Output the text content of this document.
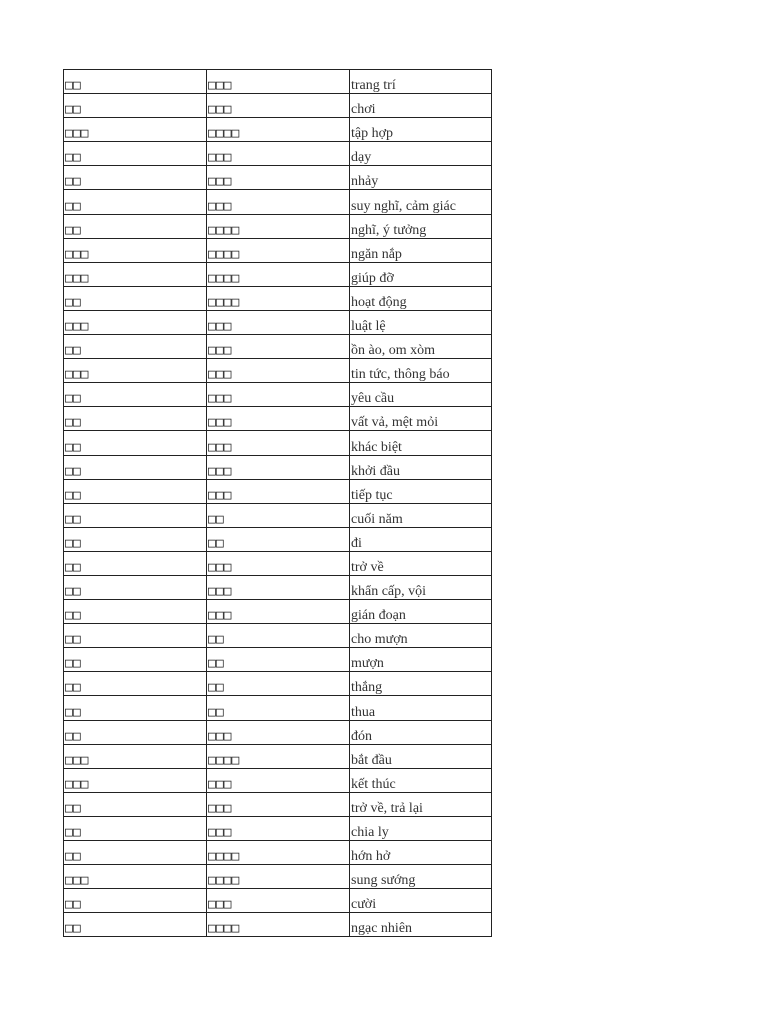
□□	□□□	trang trí
□□	□□□	chơi
□□□	□□□□	tập hợp
□□	□□□	dạy
□□	□□□	nhảy
□□	□□□	suy nghĩ, cảm giác
□□	□□□□	nghĩ, ý tưởng
□□□	□□□□	ngăn nắp
□□□	□□□□	giúp đỡ
□□	□□□□	hoạt động
□□□	□□□	luật lệ
□□	□□□	ồn ào, om xòm
□□□	□□□	tin tức, thông báo
□□	□□□	yêu cầu
□□	□□□	vất vả, mệt mỏi
□□	□□□	khác biệt
□□	□□□	khởi đầu
□□	□□□	tiếp tục
□□	□□	cuối năm
□□	□□	đi
□□	□□□	trở về
□□	□□□	khẩn cấp, vội
□□	□□□	gián đoạn
□□	□□	cho mượn
□□	□□	mượn
□□	□□	thắng
□□	□□	thua
□□	□□□	đón
□□□	□□□□	bắt đầu
□□□	□□□	kết thúc
□□	□□□	trở về, trả lại
□□	□□□	chia ly
□□	□□□□	hớn hở
□□□	□□□□	sung sướng
□□	□□□	cười
□□	□□□□	ngạc nhiên
